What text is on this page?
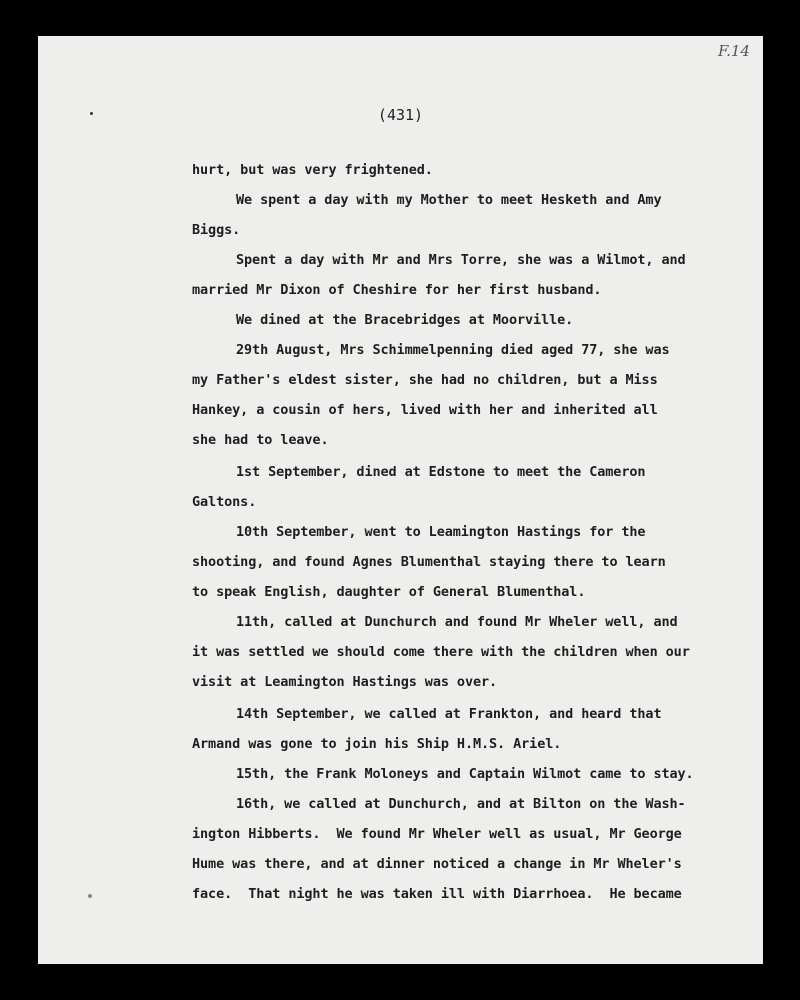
F.14
(431)
hurt, but was very frightened.
We spent a day with my Mother to meet Hesketh and Amy
Biggs.
Spent a day with Mr and Mrs Torre, she was a Wilmot, and
married Mr Dixon of Cheshire for her first husband.
We dined at the Bracebridges at Moorville.
29th August, Mrs Schimmelpenning died aged 77, she was
my Father's eldest sister, she had no children, but a Miss
Hankey, a cousin of hers, lived with her and inherited all
she had to leave.
1st September, dined at Edstone to meet the Cameron
Galtons.
10th September, went to Leamington Hastings for the
shooting, and found Agnes Blumenthal staying there to learn
to speak English, daughter of General Blumenthal.
11th, called at Dunchurch and found Mr Wheler well, and
it was settled we should come there with the children when our
visit at Leamington Hastings was over.
14th September, we called at Frankton, and heard that
Armand was gone to join his Ship H.M.S. Ariel.
15th, the Frank Moloneys and Captain Wilmot came to stay.
16th, we called at Dunchurch, and at Bilton on the Wash-
ington Hibberts.  We found Mr Wheler well as usual, Mr George
Hume was there, and at dinner noticed a change in Mr Wheler's
face.  That night he was taken ill with Diarrhoea.  He became
